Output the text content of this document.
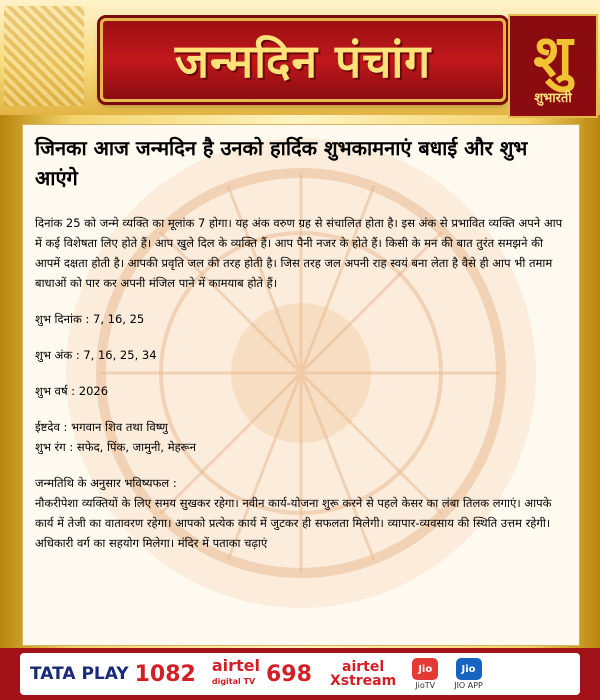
जन्मदिन पंचांग शु
शुभारती
जिनका आज जन्मदिन है उनको हार्दिक शुभकामनाएं बधाई और शुभ आएंगे

दिनांक 25 को जन्मे व्यक्ति का मूलांक 7 होगा। यह अंक वरुण ग्रह से संचालित होता है। इस अंक से प्रभावित व्यक्ति अपने आप में कई विशेषता लिए होते हैं। आप खुले दिल के व्यक्ति हैं। आप पैनी नजर के होते हैं। किसी के मन की बात तुरंत समझने की आपमें दक्षता होती है। आपकी प्रवृति जल की तरह होती है। जिस तरह जल अपनी राह स्वयं बना लेता है वैसे ही आप भी तमाम बाधाओं को पार कर अपनी मंजिल पाने में कामयाब होते हैं।

शुभ दिनांक : 7, 16, 25

शुभ अंक : 7, 16, 25, 34

शुभ वर्ष : 2026

ईष्टदेव : भगवान शिव तथा विष्णु

शुभ रंग : सफेद, पिंक, जामुनी, मेहरून

जन्मतिथि के अनुसार भविष्यफल :

नौकरीपेशा व्यक्तियों के लिए समय सुखकर रहेगा। नवीन कार्य-योजना शुरू करने से पहले केसर का लंबा तिलक लगाएं। आपके कार्य में तेजी का वातावरण रहेगा। आपको प्रत्येक कार्य में जुटकर ही सफलता मिलेगी। व्यापार-व्यवसाय की स्थिति उत्तम रहेगी। अधिकारी वर्ग का सहयोग मिलेगा। मंदिर में पताका चढ़ाएं

TATA PLAY 1082 airtel
digital TV 698	airtel
Xstream
Jio
JioTV
Jio
JIO APP
